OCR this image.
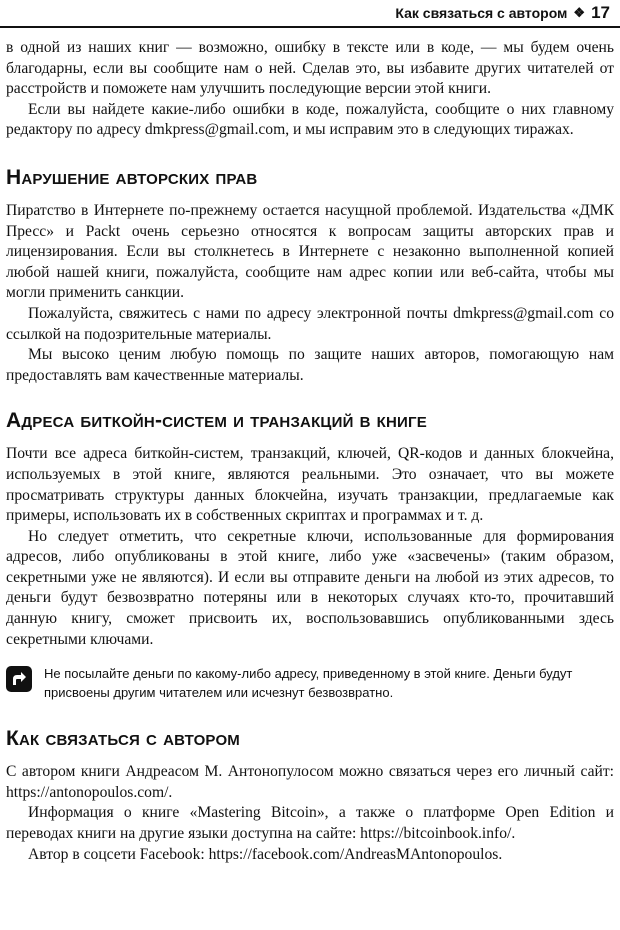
Как связаться с автором ❖ 17

в одной из наших книг — возможно, ошибку в тексте или в коде, — мы будем очень благодарны, если вы сообщите нам о ней. Сделав это, вы избавите других читателей от расстройств и поможете нам улучшить последующие версии этой книги.

Если вы найдете какие-либо ошибки в коде, пожалуйста, сообщите о них главному редактору по адресу dmkpress@gmail.com, и мы исправим это в следующих тиражах.

Нарушение авторских прав

Пиратство в Интернете по-прежнему остается насущной проблемой. Издательства «ДМК Пресс» и Packt очень серьезно относятся к вопросам защиты авторских прав и лицензирования. Если вы столкнетесь в Интернете с незаконно выполненной копией любой нашей книги, пожалуйста, сообщите нам адрес копии или веб-сайта, чтобы мы могли применить санкции.

Пожалуйста, свяжитесь с нами по адресу электронной почты dmkpress@gmail.com со ссылкой на подозрительные материалы.

Мы высоко ценим любую помощь по защите наших авторов, помогающую нам предоставлять вам качественные материалы.

Адреса биткойн-систем и транзакций в книге

Почти все адреса биткойн-систем, транзакций, ключей, QR-кодов и данных блокчейна, используемых в этой книге, являются реальными. Это означает, что вы можете просматривать структуры данных блокчейна, изучать транзакции, предлагаемые как примеры, использовать их в собственных скриптах и программах и т. д.

Но следует отметить, что секретные ключи, использованные для формирования адресов, либо опубликованы в этой книге, либо уже «засвечены» (таким образом, секретными уже не являются). И если вы отправите деньги на любой из этих адресов, то деньги будут безвозвратно потеряны или в некоторых случаях кто-то, прочитавший данную книгу, сможет присвоить их, воспользовавшись опубликованными здесь секретными ключами.

Не посылайте деньги по какому-либо адресу, приведенному в этой книге. Деньги будут присвоены другим читателем или исчезнут безвозвратно.
Как связаться с автором

С автором книги Андреасом М. Антонопулосом можно связаться через его личный сайт: https://antonopoulos.com/.

Информация о книге «Mastering Bitcoin», а также о платформе Open Edition и переводах книги на другие языки доступна на сайте: https://bitcoinbook.info/.

Автор в соцсети Facebook: https://facebook.com/AndreasMAntonopoulos.
